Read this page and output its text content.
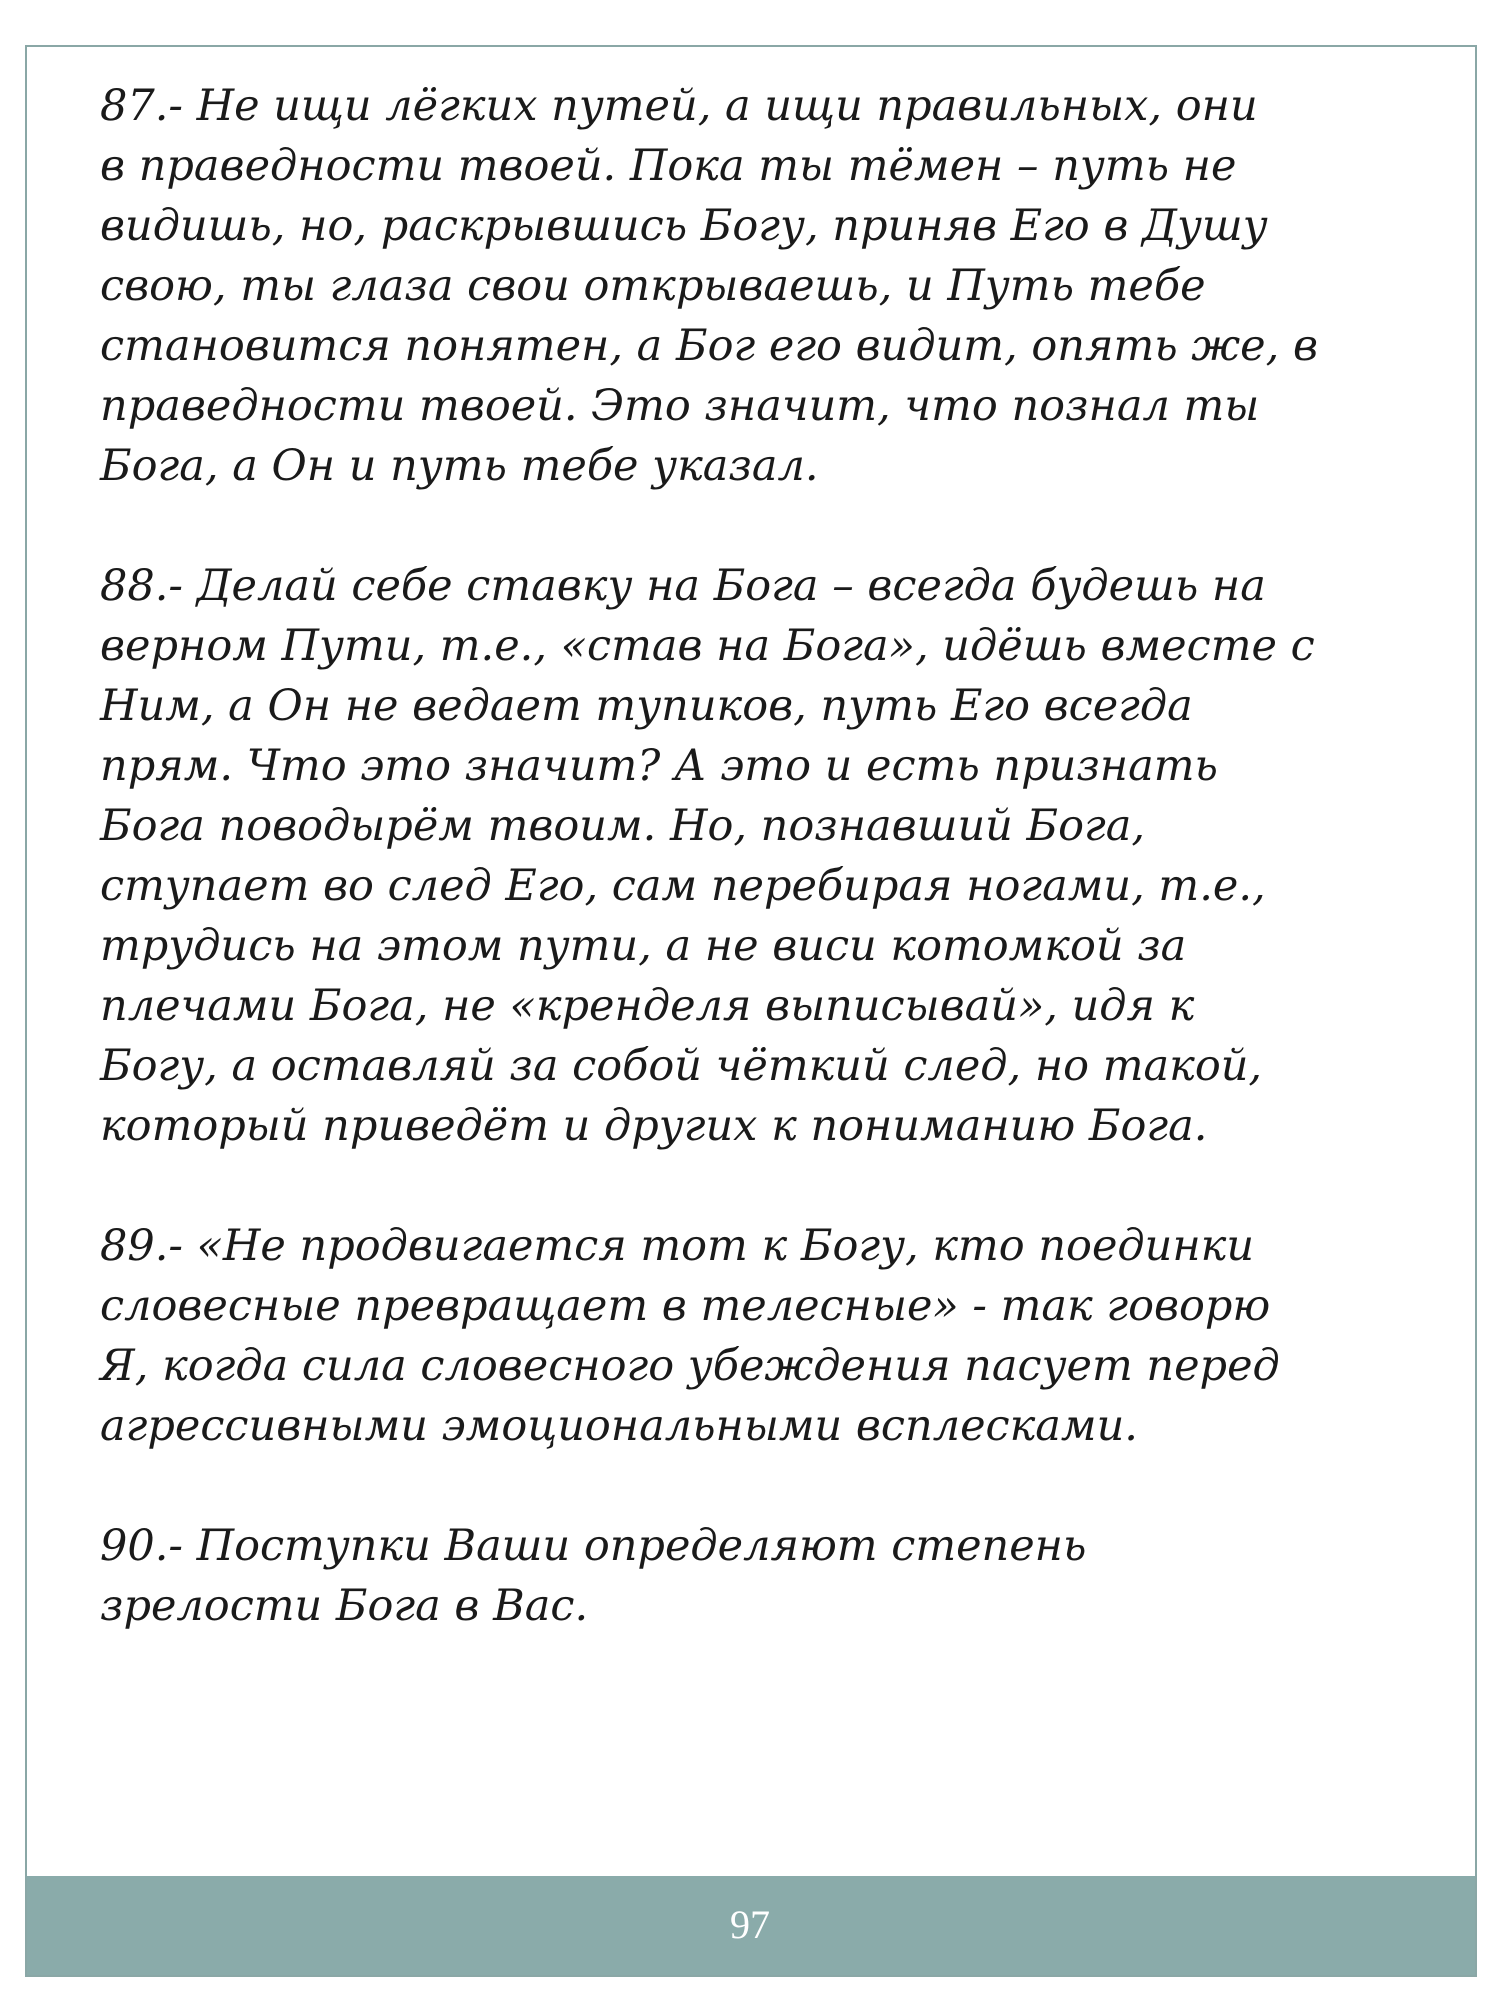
87.- Не ищи лёгких путей, а ищи правильных, они
в праведности твоей. Пока ты тёмен – путь не
видишь, но, раскрывшись Богу, приняв Его в Душу
свою, ты глаза свои открываешь, и Путь тебе
становится понятен, а Бог его видит, опять же, в
праведности твоей. Это значит, что познал ты
Бога, а Он и путь тебе указал.

88.- Делай себе ставку на Бога – всегда будешь на
верном Пути, т.е., «став на Бога», идёшь вместе с
Ним, а Он не ведает тупиков, путь Его всегда
прям. Что это значит? А это и есть признать
Бога поводырём твоим. Но, познавший Бога,
ступает во след Его, сам перебирая ногами, т.е.,
трудись на этом пути, а не виси котомкой за
плечами Бога, не «кренделя выписывай», идя к
Богу, а оставляй за собой чёткий след, но такой,
который приведёт и других к пониманию Бога.

89.- «Не продвигается тот к Богу, кто поединки
словесные превращает в телесные» - так говорю
Я, когда сила словесного убеждения пасует перед
агрессивными эмоциональными всплесками.

90.- Поступки Ваши определяют степень
зрелости Бога в Вас.

97
